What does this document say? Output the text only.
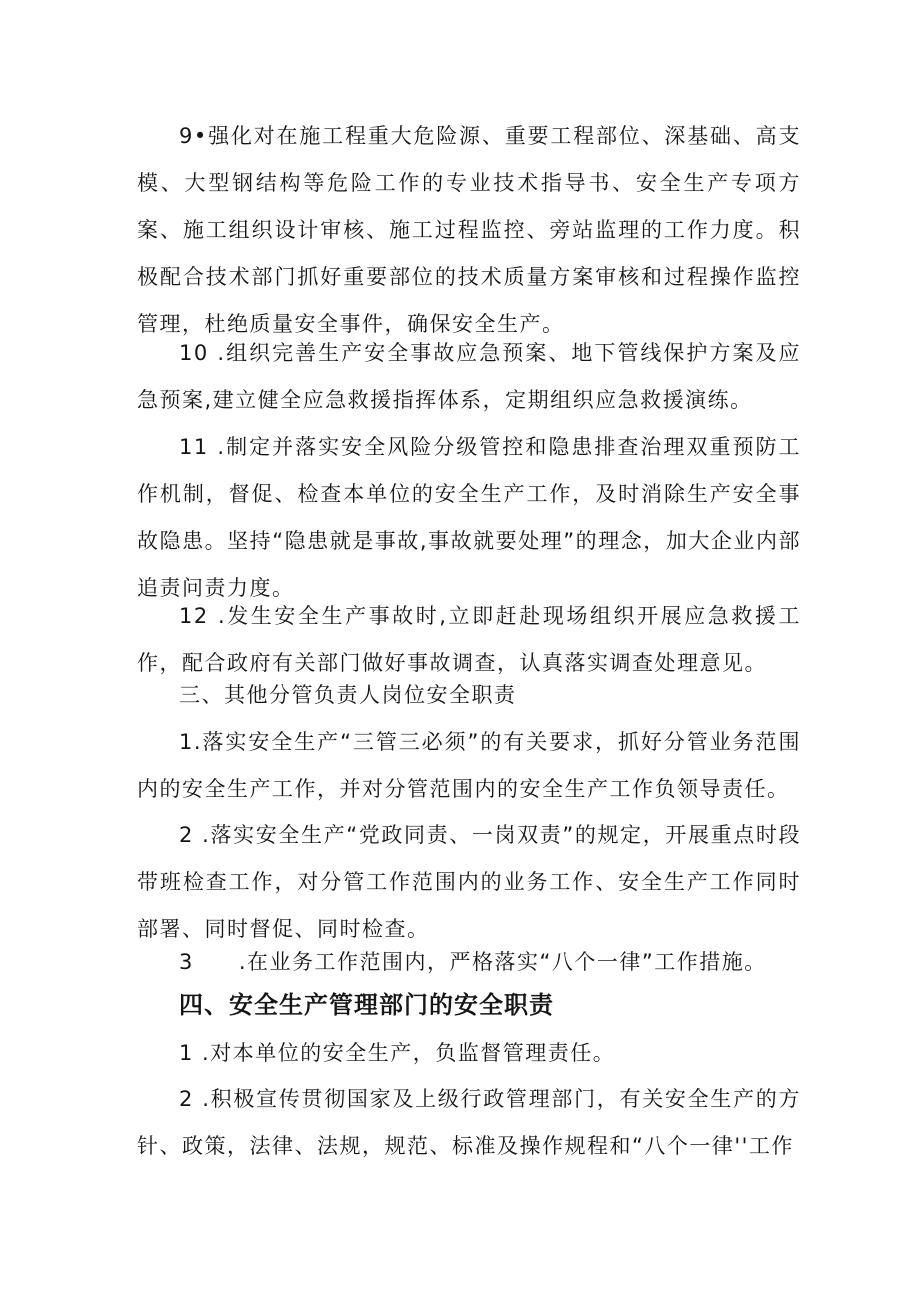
9•强化对在施工程重大危险源、重要工程部位、深基础、高支模、大型钢结构等危险工作的专业技术指导书、安全生产专项方案、施工组织设计审核、施工过程监控、旁站监理的工作力度。积极配合技术部门抓好重要部位的技术质量方案审核和过程操作监控管理，杜绝质量安全事件，确保安全生产。

10 .组织完善生产安全事故应急预案、地下管线保护方案及应急预案,建立健全应急救援指挥体系，定期组织应急救援演练。

11 .制定并落实安全风险分级管控和隐患排查治理双重预防工作机制，督促、检查本单位的安全生产工作，及时消除生产安全事故隐患。坚持“隐患就是事故,事故就要处理”的理念，加大企业内部追责问责力度。

12 .发生安全生产事故时,立即赶赴现场组织开展应急救援工作，配合政府有关部门做好事故调查，认真落实调查处理意见。

三、其他分管负责人岗位安全职责

1.落实安全生产“三管三必须”的有关要求，抓好分管业务范围内的安全生产工作，并对分管范围内的安全生产工作负领导责任。

2 .落实安全生产“党政同责、一岗双责”的规定，开展重点时段带班检查工作，对分管工作范围内的业务工作、安全生产工作同时部署、同时督促、同时检查。

3　　.在业务工作范围内，严格落实“八个一律”工作措施。

四、安全生产管理部门的安全职责

1 .对本单位的安全生产，负监督管理责任。

2 .积极宣传贯彻国家及上级行政管理部门，有关安全生产的方针、政策，法律、法规，规范、标准及操作规程和“八个一律''工作
